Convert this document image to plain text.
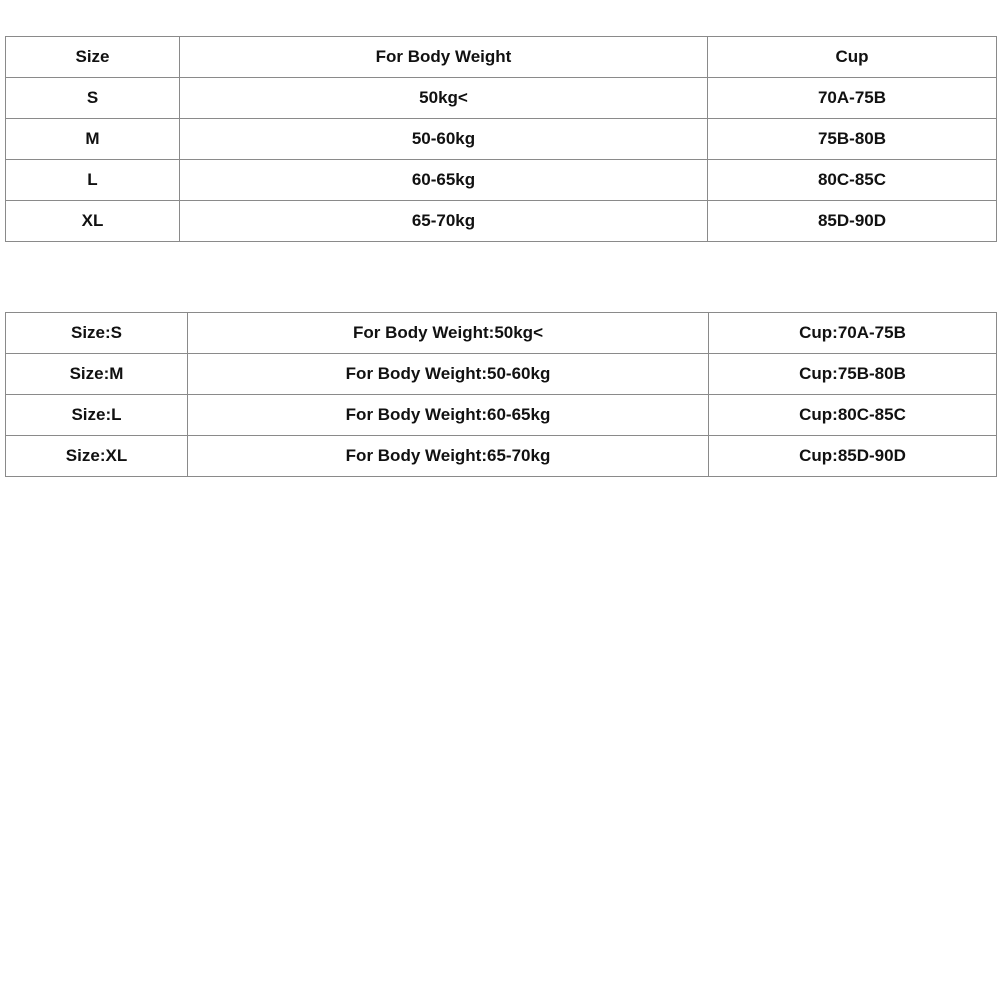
Size	For Body Weight	Cup
S	50kg<	70A-75B
M	50-60kg	75B-80B
L	60-65kg	80C-85C
XL	65-70kg	85D-90D
Size:S	For Body Weight:50kg<	Cup:70A-75B
Size:M	For Body Weight:50-60kg	Cup:75B-80B
Size:L	For Body Weight:60-65kg	Cup:80C-85C
Size:XL	For Body Weight:65-70kg	Cup:85D-90D
